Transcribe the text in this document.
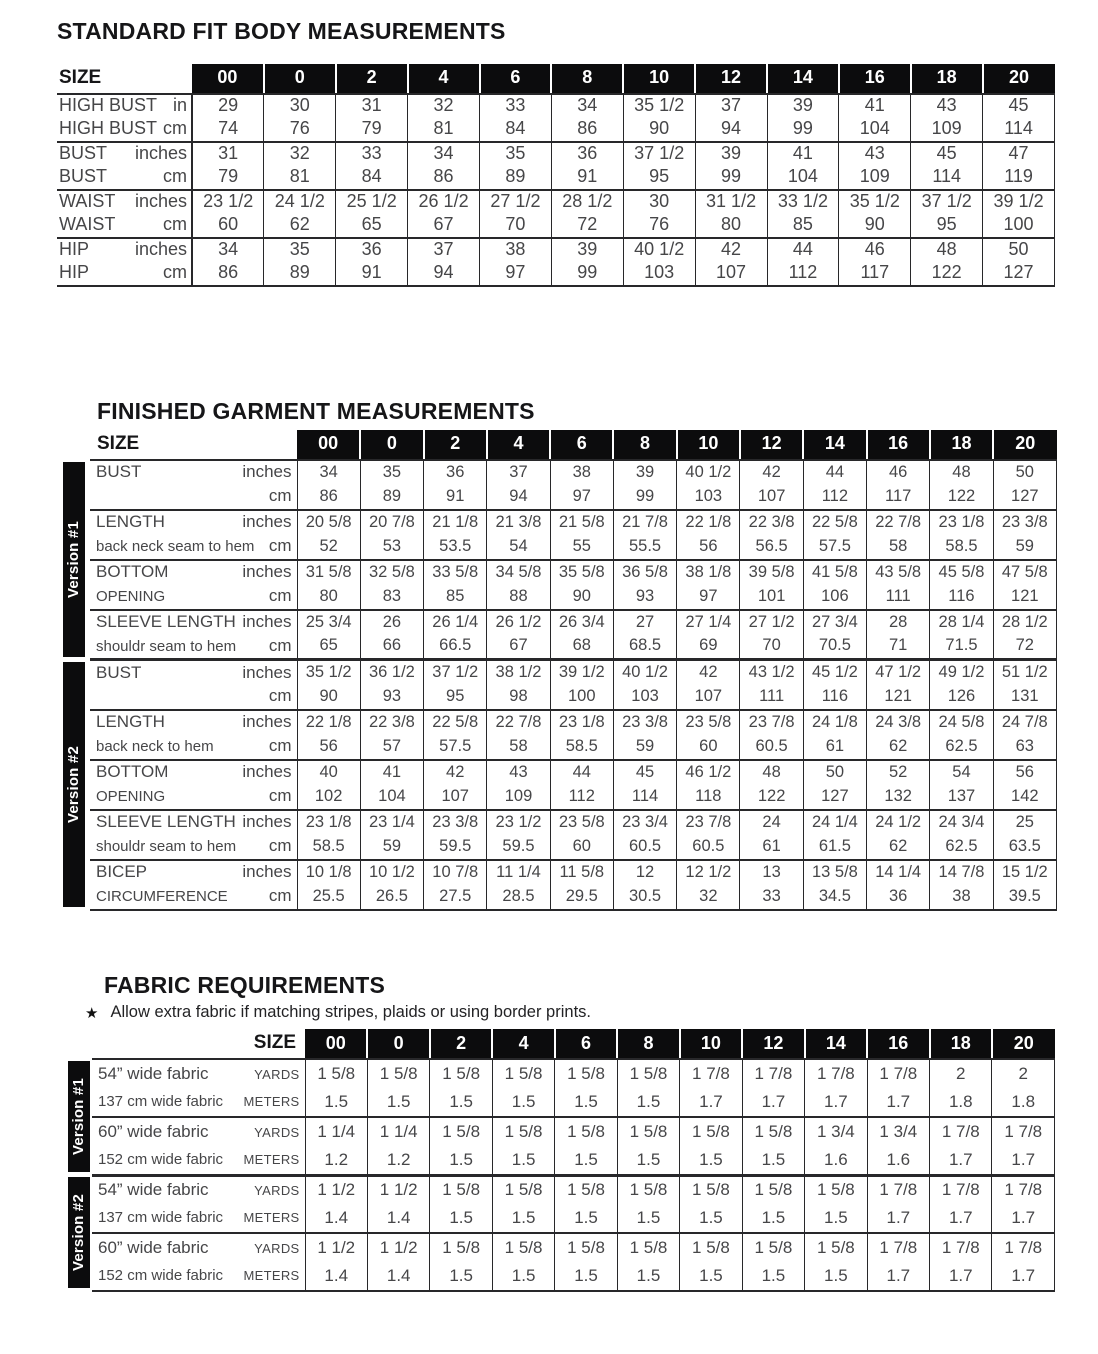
STANDARD FIT BODY MEASUREMENTS
SIZE	00	0	2	4	6	8	10	12	14	16	18	20

HIGH BUST in	29	30	31	32	33	34	35 1/2	37	39	41	43	45

HIGH BUST cm	74	76	79	81	84	86	90	94	99	104	109	114

BUST inches	31	32	33	34	35	36	37 1/2	39	41	43	45	47

BUST cm	79	81	84	86	89	91	95	99	104	109	114	119

WAIST inches	23 1/2	24 1/2	25 1/2	26 1/2	27 1/2	28 1/2	30	31 1/2	33 1/2	35 1/2	37 1/2	39 1/2

WAIST cm	60	62	65	67	70	72	76	80	85	90	95	100

HIP inches	34	35	36	37	38	39	40 1/2	42	44	46	48	50

HIP cm	86	89	91	94	97	99	103	107	112	117	122	127
FINISHED GARMENT MEASUREMENTS
	SIZE	00	0	2	4	6	8	10	12	14	16	18	20

Version #1	BUST inches	34	35	36	37	38	39	40 1/2	42	44	46	48	50

	cm	86	89	91	94	97	99	103	107	112	117	122	127

	LENGTH inches	20 5/8	20 7/8	21 1/8	21 3/8	21 5/8	21 7/8	22 1/8	22 3/8	22 5/8	22 7/8	23 1/8	23 3/8

	back neck seam to hem cm	52	53	53.5	54	55	55.5	56	56.5	57.5	58	58.5	59

	BOTTOM inches	31 5/8	32 5/8	33 5/8	34 5/8	35 5/8	36 5/8	38 1/8	39 5/8	41 5/8	43 5/8	45 5/8	47 5/8

	OPENING cm	80	83	85	88	90	93	97	101	106	111	116	121

	SLEEVE LENGTH inches	25 3/4	26	26 1/4	26 1/2	26 3/4	27	27 1/4	27 1/2	27 3/4	28	28 1/4	28 1/2

	shouldr seam to hem cm	65	66	66.5	67	68	68.5	69	70	70.5	71	71.5	72

Version #2	BUST inches	35 1/2	36 1/2	37 1/2	38 1/2	39 1/2	40 1/2	42	43 1/2	45 1/2	47 1/2	49 1/2	51 1/2

	cm	90	93	95	98	100	103	107	111	116	121	126	131

	LENGTH inches	22 1/8	22 3/8	22 5/8	22 7/8	23 1/8	23 3/8	23 5/8	23 7/8	24 1/8	24 3/8	24 5/8	24 7/8

	back neck to hem cm	56	57	57.5	58	58.5	59	60	60.5	61	62	62.5	63

	BOTTOM inches	40	41	42	43	44	45	46 1/2	48	50	52	54	56

	OPENING cm	102	104	107	109	112	114	118	122	127	132	137	142

	SLEEVE LENGTH inches	23 1/8	23 1/4	23 3/8	23 1/2	23 5/8	23 3/4	23 7/8	24	24 1/4	24 1/2	24 3/4	25

	shouldr seam to hem cm	58.5	59	59.5	59.5	60	60.5	60.5	61	61.5	62	62.5	63.5

	BICEP inches	10 1/8	10 1/2	10 7/8	11 1/4	11 5/8	12	12 1/2	13	13 5/8	14 1/4	14 7/8	15 1/2

	CIRCUMFERENCE cm	25.5	26.5	27.5	28.5	29.5	30.5	32	33	34.5	36	38	39.5
FABRIC REQUIREMENTS
★ Allow extra fabric if matching stripes, plaids or using border prints.
	SIZE	00	0	2	4	6	8	10	12	14	16	18	20

Version #1	54” wide fabric YARDS	1 5/8	1 5/8	1 5/8	1 5/8	1 5/8	1 5/8	1 7/8	1 7/8	1 7/8	1 7/8	2	2

	137 cm wide fabric METERS	1.5	1.5	1.5	1.5	1.5	1.5	1.7	1.7	1.7	1.7	1.8	1.8

	60” wide fabric YARDS	1 1/4	1 1/4	1 5/8	1 5/8	1 5/8	1 5/8	1 5/8	1 5/8	1 3/4	1 3/4	1 7/8	1 7/8

	152 cm wide fabric METERS	1.2	1.2	1.5	1.5	1.5	1.5	1.5	1.5	1.6	1.6	1.7	1.7

Version #2	54” wide fabric YARDS	1 1/2	1 1/2	1 5/8	1 5/8	1 5/8	1 5/8	1 5/8	1 5/8	1 5/8	1 7/8	1 7/8	1 7/8

	137 cm wide fabric METERS	1.4	1.4	1.5	1.5	1.5	1.5	1.5	1.5	1.5	1.7	1.7	1.7

	60” wide fabric YARDS	1 1/2	1 1/2	1 5/8	1 5/8	1 5/8	1 5/8	1 5/8	1 5/8	1 5/8	1 7/8	1 7/8	1 7/8

	152 cm wide fabric METERS	1.4	1.4	1.5	1.5	1.5	1.5	1.5	1.5	1.5	1.7	1.7	1.7
